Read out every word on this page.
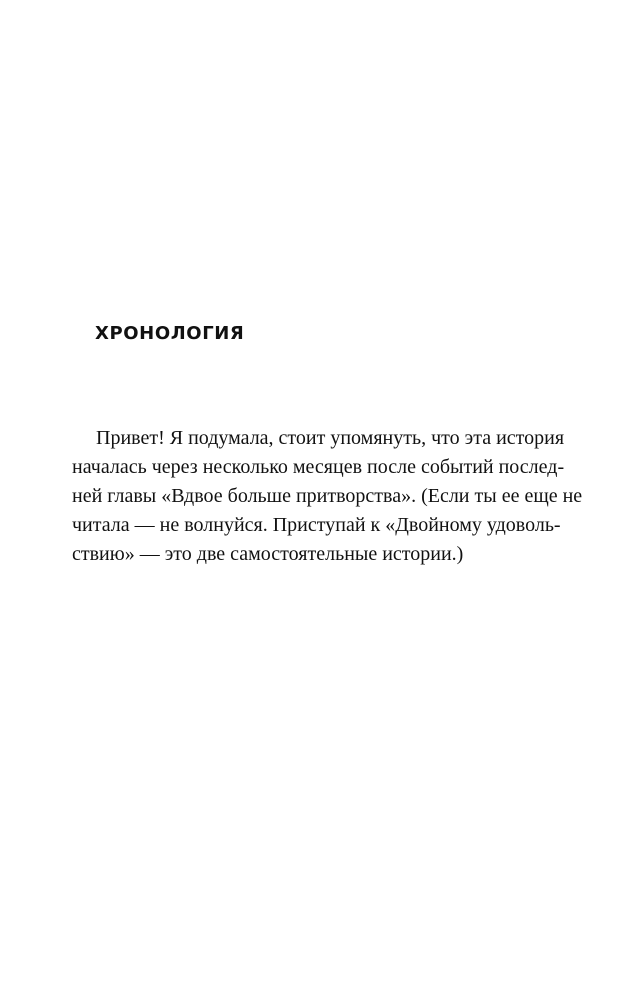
ХРОНОЛОГИЯ

Привет! Я подумала, стоит упомянуть, что эта история
началась через несколько месяцев после событий послед-
ней главы «Вдвое больше притворства». (Если ты ее еще не
читала — не волнуйся. Приступай к «Двойному удоволь-
ствию» — это две самостоятельные истории.)
